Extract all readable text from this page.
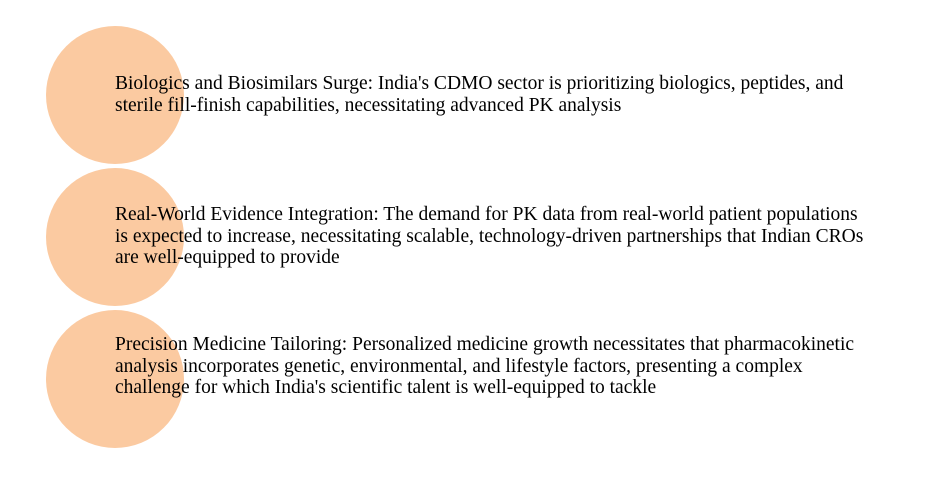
Biologics and Biosimilars Surge: India's CDMO sector is prioritizing biologics, peptides, and sterile fill-finish capabilities, necessitating advanced PK analysis

Real-World Evidence Integration: The demand for PK data from real-world patient populations is expected to increase, necessitating scalable, technology-driven partnerships that Indian CROs are well-equipped to provide

Precision Medicine Tailoring: Personalized medicine growth necessitates that pharmacokinetic analysis incorporates genetic, environmental, and lifestyle factors, presenting a complex challenge for which India's scientific talent is well-equipped to tackle
